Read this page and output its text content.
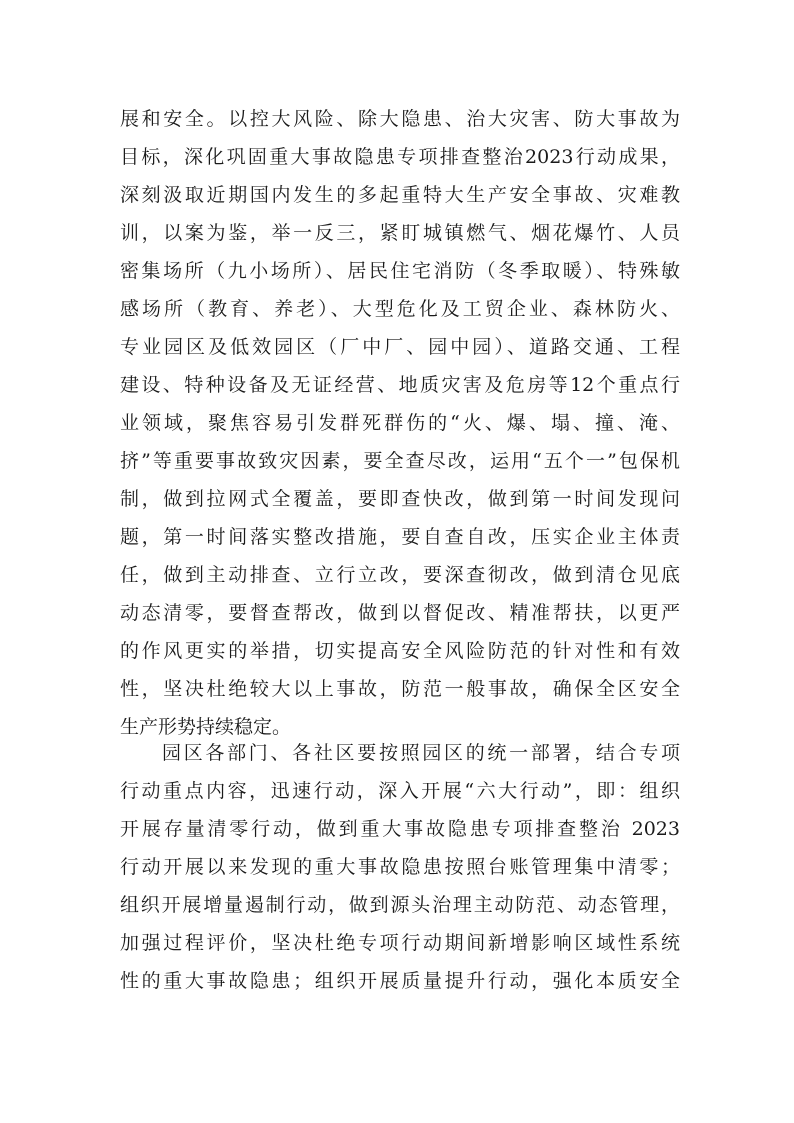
展和安全。以控大风险、除大隐患、治大灾害、防大事故为
目标，深化巩固重大事故隐患专项排查整治2023行动成果，
深刻汲取近期国内发生的多起重特大生产安全事故、灾难教
训，以案为鉴，举一反三，紧盯城镇燃气、烟花爆竹、人员
密集场所（九小场所）、居民住宅消防（冬季取暖）、特殊敏
感场所（教育、养老）、大型危化及工贸企业、森林防火、
专业园区及低效园区（厂中厂、园中园）、道路交通、工程
建设、特种设备及无证经营、地质灾害及危房等12个重点行
业领域，聚焦容易引发群死群伤的“火、爆、塌、撞、淹、
挤”等重要事故致灾因素，要全查尽改，运用“五个一”包保机
制，做到拉网式全覆盖，要即查快改，做到第一时间发现问
题，第一时间落实整改措施，要自查自改，压实企业主体责
任，做到主动排查、立行立改，要深查彻改，做到清仓见底
动态清零，要督查帮改，做到以督促改、精准帮扶，以更严
的作风更实的举措，切实提高安全风险防范的针对性和有效
性，坚决杜绝较大以上事故，防范一般事故，确保全区安全
生产形势持续稳定。
园区各部门、各社区要按照园区的统一部署，结合专项
行动重点内容，迅速行动，深入开展“六大行动”，即：组织
开展存量清零行动，做到重大事故隐患专项排查整治 2023
行动开展以来发现的重大事故隐患按照台账管理集中清零；
组织开展增量遏制行动，做到源头治理主动防范、动态管理，
加强过程评价，坚决杜绝专项行动期间新增影响区域性系统
性的重大事故隐患；组织开展质量提升行动，强化本质安全
